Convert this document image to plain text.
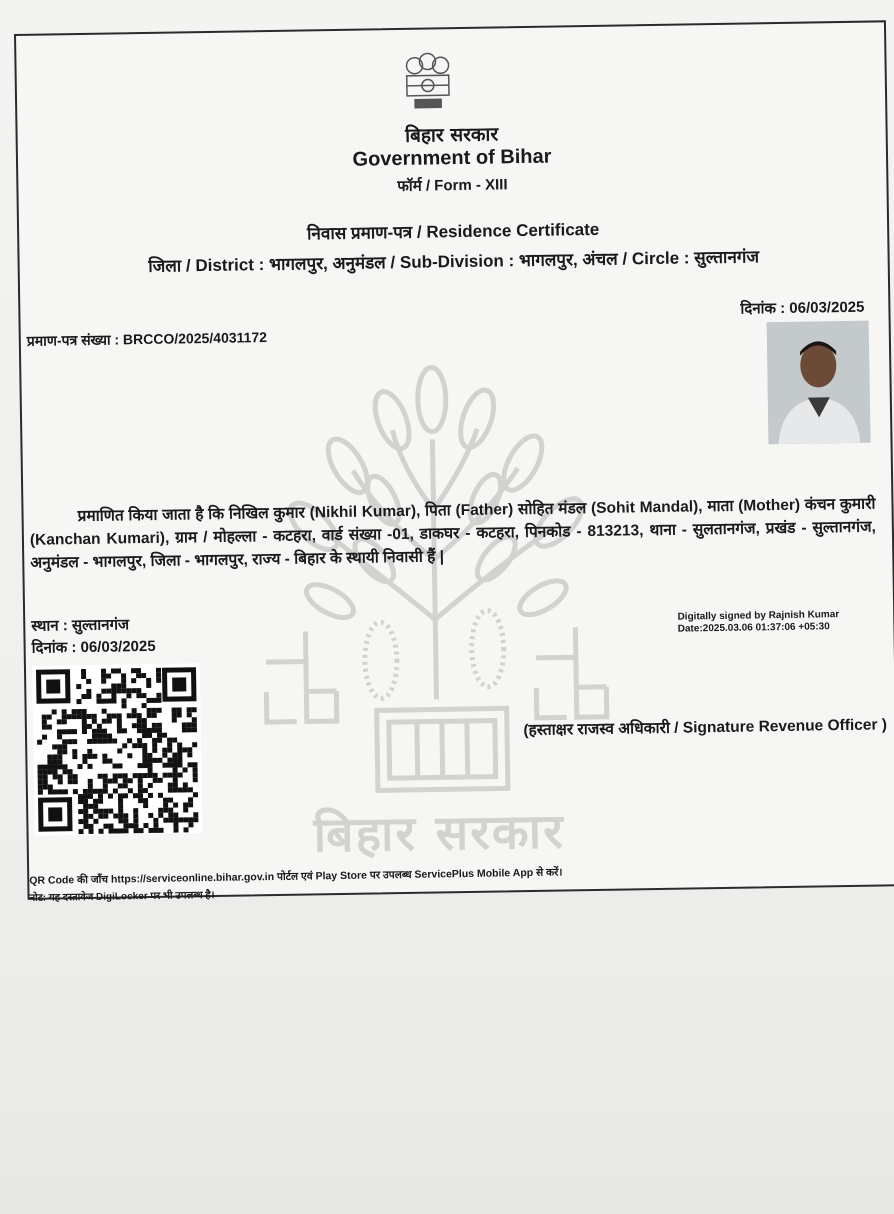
बिहार सरकार
बिहार सरकार
Government of Bihar
फॉर्म / Form - XIII
निवास प्रमाण-पत्र / Residence Certificate
जिला / District : भागलपुर, अनुमंडल / Sub-Division : भागलपुर, अंचल / Circle : सुल्तानगंज
दिनांक : 06/03/2025
प्रमाण-पत्र संख्या : BRCCO/2025/4031172
प्रमाणित किया जाता है कि निखिल कुमार (Nikhil Kumar), पिता (Father) सोहित मंडल (Sohit Mandal), माता (Mother) कंचन कुमारी (Kanchan Kumari), ग्राम / मोहल्ला - कटहरा, वार्ड संख्या -01, डाकघर - कटहरा, पिनकोड - 813213, थाना - सुलतानगंज, प्रखंड - सुल्तानगंज, अनुमंडल - भागलपुर, जिला - भागलपुर, राज्य - बिहार के स्थायी निवासी हैं |
स्थान : सुल्तानगंज
दिनांक : 06/03/2025
Digitally signed by Rajnish Kumar
Date:2025.03.06 01:37:06 +05:30
(हस्ताक्षर राजस्व अधिकारी / Signature Revenue Officer )
QR Code की जाँच https://serviceonline.bihar.gov.in पोर्टल एवं Play Store पर उपलब्ध ServicePlus Mobile App से करें।
नोट: यह दस्तावेज DigiLocker पर भी उपलब्ध है।
